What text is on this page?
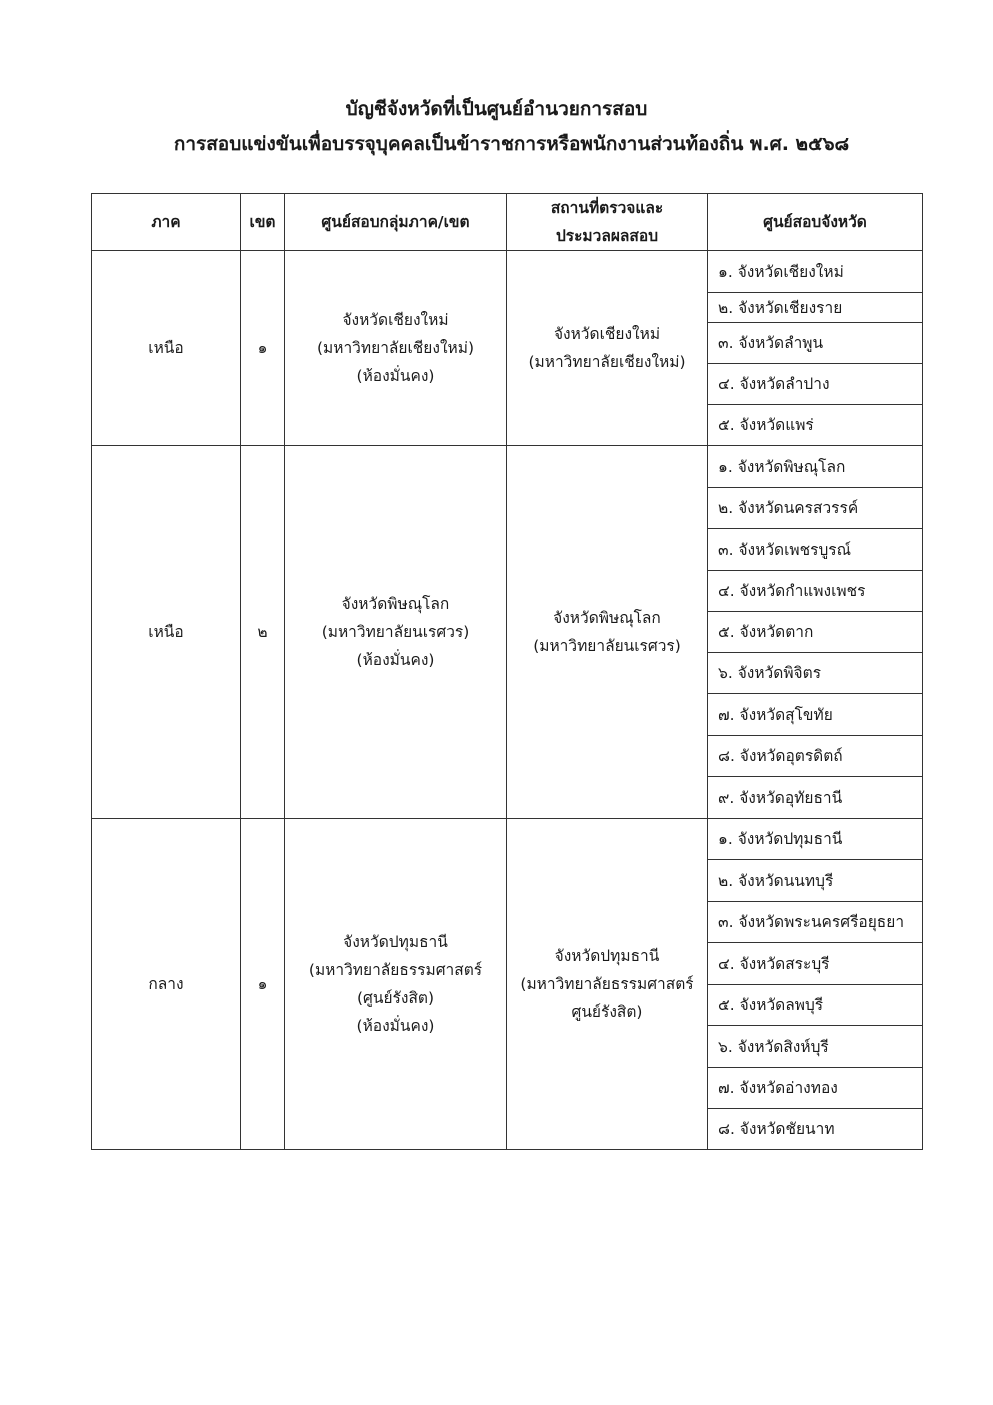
บัญชีจังหวัดที่เป็นศูนย์อำนวยการสอบ
การสอบแข่งขันเพื่อบรรจุบุคคลเป็นข้าราชการหรือพนักงานส่วนท้องถิ่น พ.ศ. ๒๕๖๘
ภาค	เขต	ศูนย์สอบกลุ่มภาค/เขต	สถานที่ตรวจและ
ประมวลผลสอบ	ศูนย์สอบจังหวัด
เหนือ	๑	จังหวัดเชียงใหม่
(มหาวิทยาลัยเชียงใหม่)
(ห้องมั่นคง)	จังหวัดเชียงใหม่
(มหาวิทยาลัยเชียงใหม่)	๑. จังหวัดเชียงใหม่
				๒. จังหวัดเชียงราย
				๓. จังหวัดลำพูน
				๔. จังหวัดลำปาง
				๕. จังหวัดแพร่
เหนือ	๒	จังหวัดพิษณุโลก
(มหาวิทยาลัยนเรศวร)
(ห้องมั่นคง)	จังหวัดพิษณุโลก
(มหาวิทยาลัยนเรศวร)	๑. จังหวัดพิษณุโลก
				๒. จังหวัดนครสวรรค์
				๓. จังหวัดเพชรบูรณ์
				๔. จังหวัดกำแพงเพชร
				๕. จังหวัดตาก
				๖. จังหวัดพิจิตร
				๗. จังหวัดสุโขทัย
				๘. จังหวัดอุตรดิตถ์
				๙. จังหวัดอุทัยธานี
กลาง	๑	จังหวัดปทุมธานี
(มหาวิทยาลัยธรรมศาสตร์
(ศูนย์รังสิต)
(ห้องมั่นคง)	จังหวัดปทุมธานี
(มหาวิทยาลัยธรรมศาสตร์
ศูนย์รังสิต)	๑. จังหวัดปทุมธานี
				๒. จังหวัดนนทบุรี
				๓. จังหวัดพระนครศรีอยุธยา
				๔. จังหวัดสระบุรี
				๕. จังหวัดลพบุรี
				๖. จังหวัดสิงห์บุรี
				๗. จังหวัดอ่างทอง
				๘. จังหวัดชัยนาท
